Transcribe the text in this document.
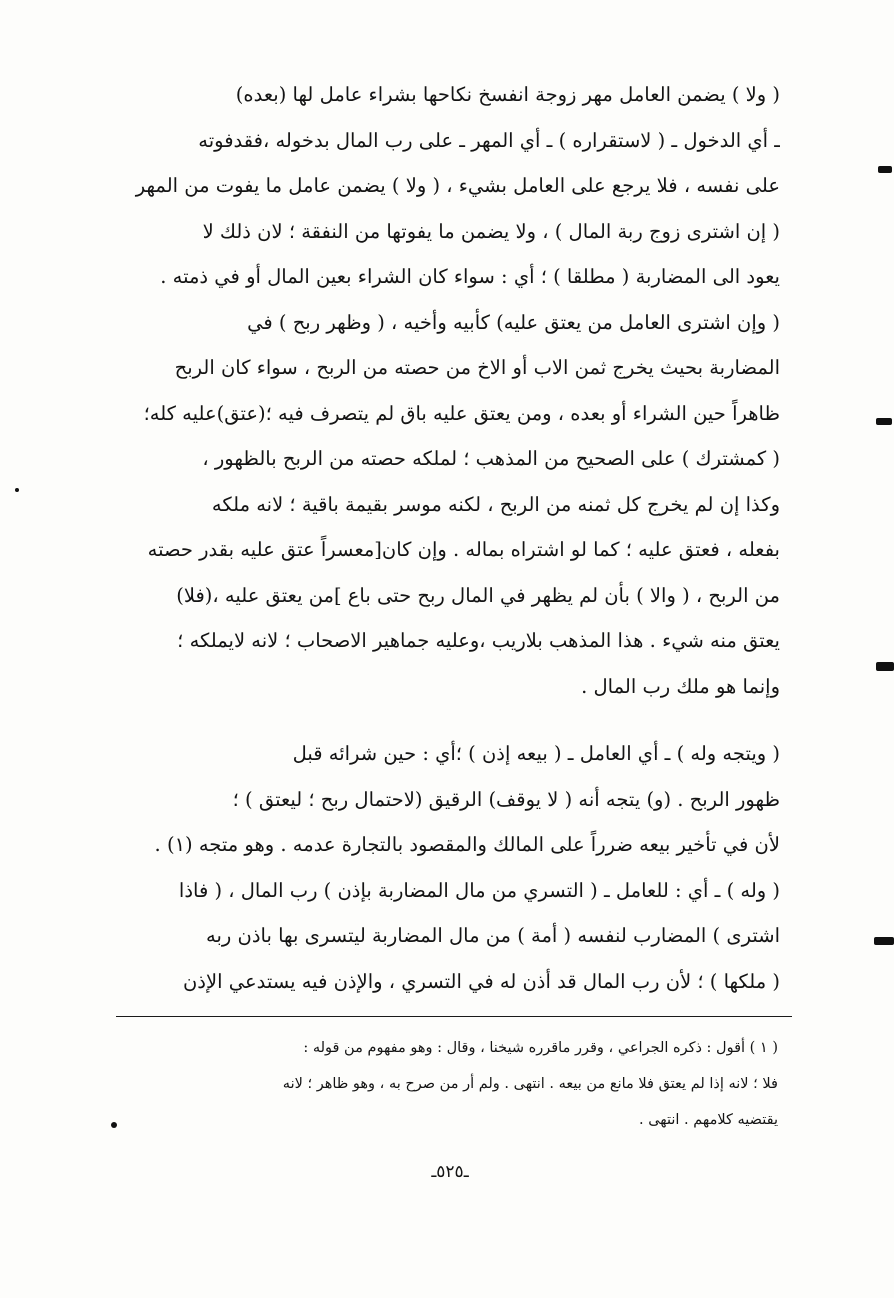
( ولا ) يضمن العامل مهر زوجة انفسخ نكاحها بشراء عامل لها (بعده)
ـ أي الدخول ـ ( لاستقراره ) ـ أي المهر ـ على رب المال بدخوله ،فقدفوته
على نفسه ، فلا يرجع على العامل بشيء ، ( ولا ) يضمن عامل ما يفوت من المهر
( إن اشترى زوج ربة المال ) ، ولا يضمن ما يفوتها من النفقة ؛ لان ذلك لا
يعود الى المضاربة ( مطلقا ) ؛ أي : سواء كان الشراء بعين المال أو في ذمته .
( وإن اشترى العامل من يعتق عليه) كأبيه وأخيه ، ( وظهر ربح ) في
المضاربة بحيث يخرج ثمن الاب أو الاخ من حصته من الربح ، سواء كان الربح
ظاهراً حين الشراء أو بعده ، ومن يعتق عليه باق لم يتصرف فيه ؛(عتق)عليه كله؛
( كمشترك ) على الصحيح من المذهب ؛ لملكه حصته من الربح بالظهور ،
وكذا إن لم يخرج كل ثمنه من الربح ، لكنه موسر بقيمة باقية ؛ لانه ملكه
بفعله ، فعتق عليه ؛ كما لو اشتراه بماله . وإن كان[معسراً عتق عليه بقدر حصته
من الربح ، ( والا ) بأن لم يظهر في المال ربح حتى باع ]من يعتق عليه ،(فلا)
يعتق منه شيء . هذا المذهب بلاريب ،وعليه جماهير الاصحاب ؛ لانه لايملكه ؛
وإنما هو ملك رب المال .
( ويتجه وله ) ـ أي العامل ـ ( بيعه إذن ) ؛أي : حين شرائه قبل
ظهور الربح . (و) يتجه أنه ( لا يوقف) الرقيق (لاحتمال ربح ؛ ليعتق ) ؛
لأن في تأخير بيعه ضرراً على المالك والمقصود بالتجارة عدمه . وهو متجه (١) .
( وله ) ـ أي : للعامل ـ ( التسري من مال المضاربة بإذن ) رب المال ، ( فاذا
اشترى ) المضارب لنفسه ( أمة ) من مال المضاربة ليتسرى بها باذن ربه
( ملكها ) ؛ لأن رب المال قد أذن له في التسري ، والإذن فيه يستدعي الإذن
( ١ ) أقول : ذكره الجراعي ، وقرر ماقرره شيخنا ، وقال : وهو مفهوم من قوله :
فلا ؛ لانه إذا لم يعتق فلا مانع من بيعه . انتهى . ولم أر من صرح به ، وهو ظاهر ؛ لانه
يقتضيه كلامهم . انتهى .
ـ٥٢٥ـ
